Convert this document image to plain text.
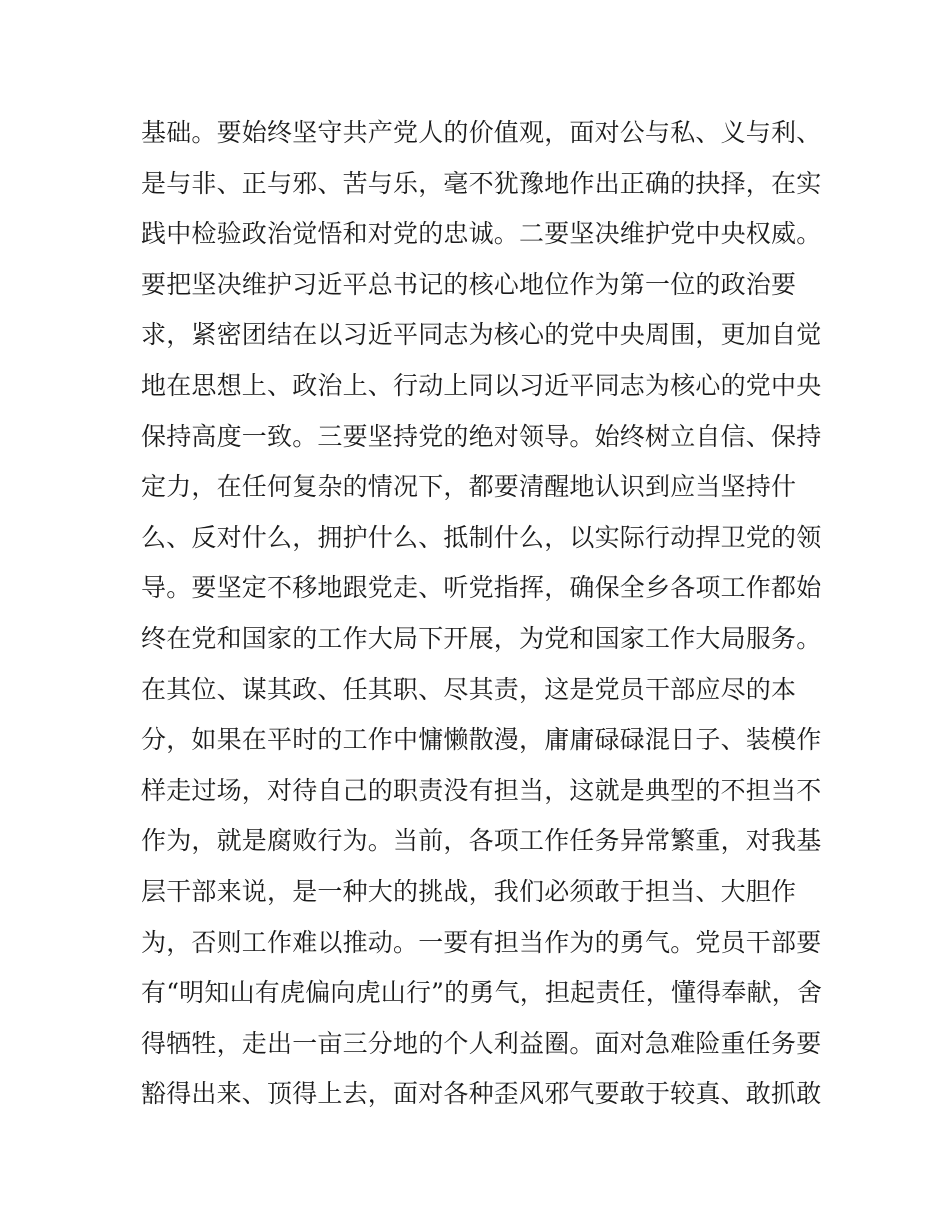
基础。要始终坚守共产党人的价值观，面对公与私、义与利、
是与非、正与邪、苦与乐，毫不犹豫地作出正确的抉择，在实
践中检验政治觉悟和对党的忠诚。二要坚决维护党中央权威。
要把坚决维护习近平总书记的核心地位作为第一位的政治要
求，紧密团结在以习近平同志为核心的党中央周围，更加自觉
地在思想上、政治上、行动上同以习近平同志为核心的党中央
保持高度一致。三要坚持党的绝对领导。始终树立自信、保持
定力，在任何复杂的情况下，都要清醒地认识到应当坚持什
么、反对什么，拥护什么、抵制什么，以实际行动捍卫党的领
导。要坚定不移地跟党走、听党指挥，确保全乡各项工作都始
终在党和国家的工作大局下开展，为党和国家工作大局服务。
在其位、谋其政、任其职、尽其责，这是党员干部应尽的本
分，如果在平时的工作中慵懒散漫，庸庸碌碌混日子、装模作
样走过场，对待自己的职责没有担当，这就是典型的不担当不
作为，就是腐败行为。当前，各项工作任务异常繁重，对我基
层干部来说，是一种大的挑战，我们必须敢于担当、大胆作
为，否则工作难以推动。一要有担当作为的勇气。党员干部要
有“明知山有虎偏向虎山行”的勇气，担起责任，懂得奉献，舍
得牺牲，走出一亩三分地的个人利益圈。面对急难险重任务要
豁得出来、顶得上去，面对各种歪风邪气要敢于较真、敢抓敢
